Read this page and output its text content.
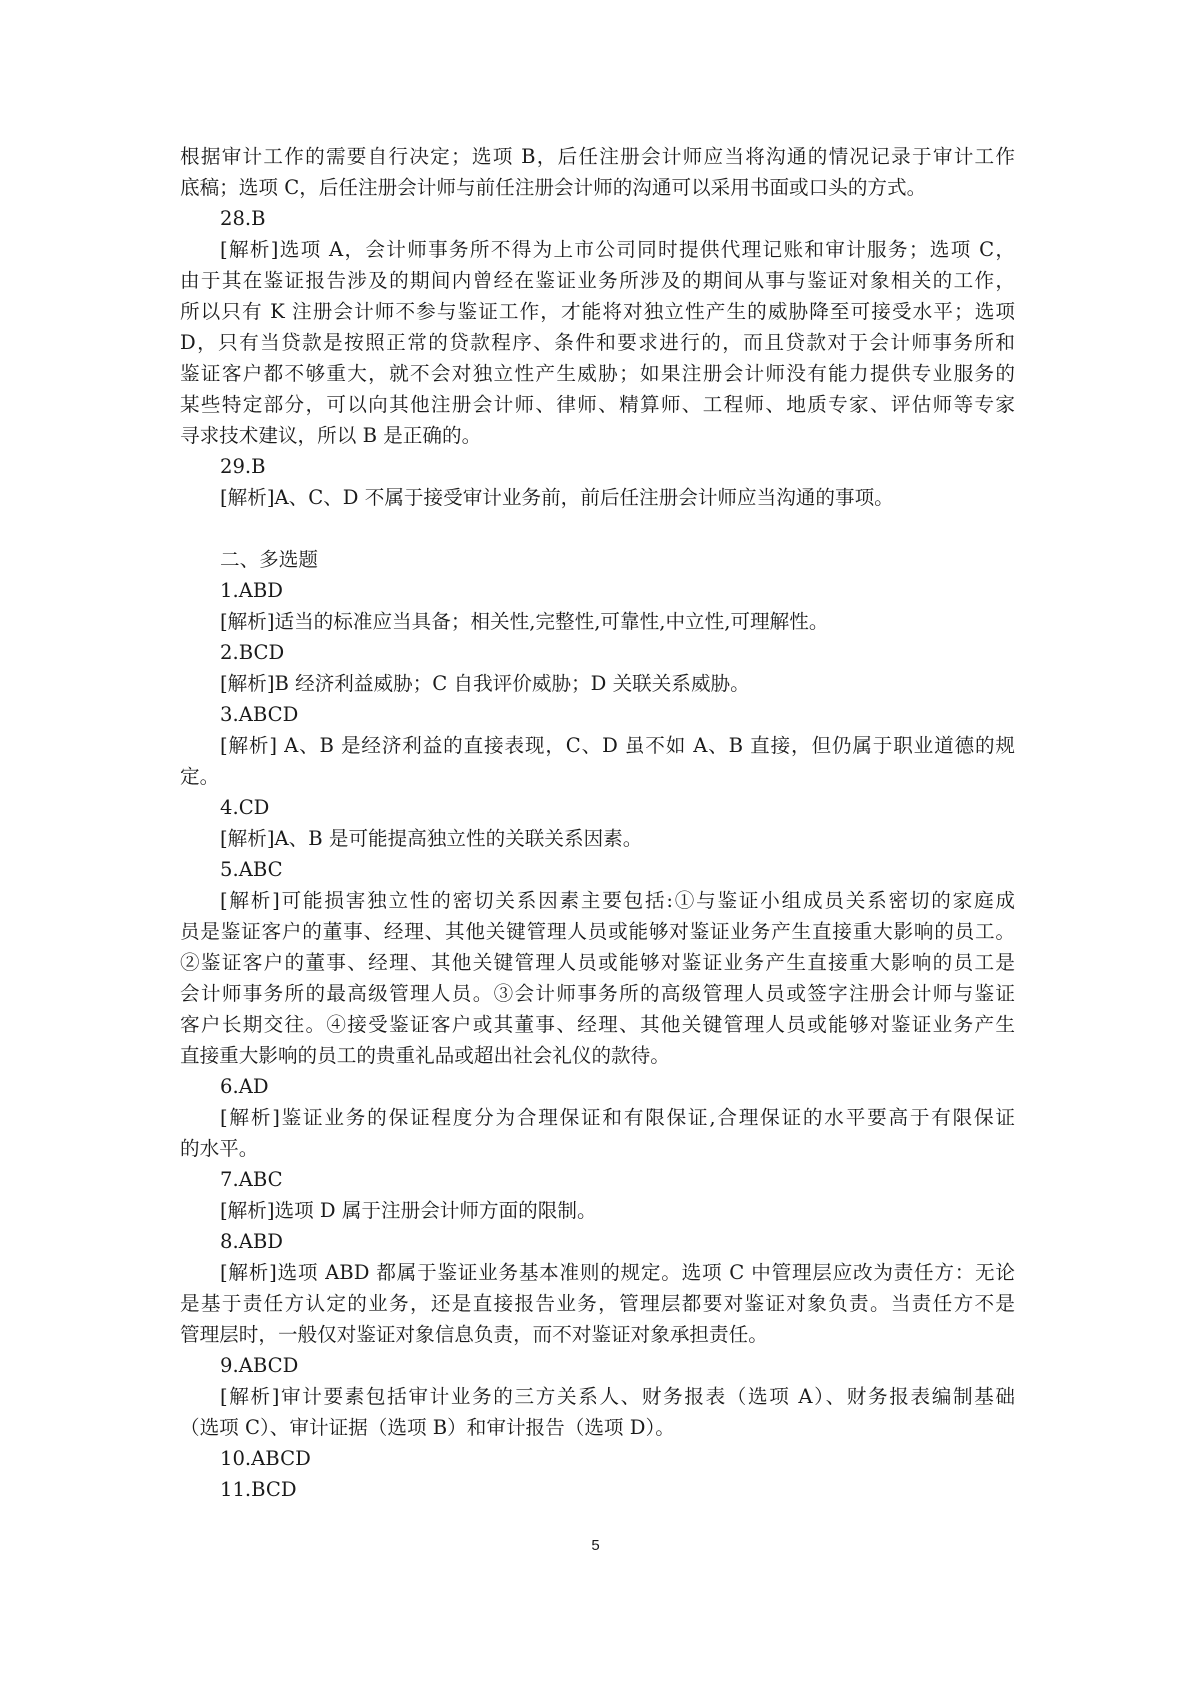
根据审计工作的需要自行决定；选项 B，后任注册会计师应当将沟通的情况记录于审计工作
底稿；选项 C，后任注册会计师与前任注册会计师的沟通可以采用书面或口头的方式。
28.B
[解析]选项 A，会计师事务所不得为上市公司同时提供代理记账和审计服务；选项 C，
由于其在鉴证报告涉及的期间内曾经在鉴证业务所涉及的期间从事与鉴证对象相关的工作，
所以只有 K 注册会计师不参与鉴证工作，才能将对独立性产生的威胁降至可接受水平；选项
D，只有当贷款是按照正常的贷款程序、条件和要求进行的，而且贷款对于会计师事务所和
鉴证客户都不够重大，就不会对独立性产生威胁；如果注册会计师没有能力提供专业服务的
某些特定部分，可以向其他注册会计师、律师、精算师、工程师、地质专家、评估师等专家
寻求技术建议，所以 B 是正确的。
29.B
[解析]A、C、D 不属于接受审计业务前，前后任注册会计师应当沟通的事项。
二、多选题
1.ABD
[解析]适当的标准应当具备；相关性,完整性,可靠性,中立性,可理解性。
2.BCD
[解析]B 经济利益威胁；C 自我评价威胁；D 关联关系威胁。
3.ABCD
[解析] A、B 是经济利益的直接表现，C、D 虽不如 A、B 直接，但仍属于职业道德的规
定。
4.CD
[解析]A、B 是可能提高独立性的关联关系因素。
5.ABC
[解析]可能损害独立性的密切关系因素主要包括:①与鉴证小组成员关系密切的家庭成
员是鉴证客户的董事、经理、其他关键管理人员或能够对鉴证业务产生直接重大影响的员工。
②鉴证客户的董事、经理、其他关键管理人员或能够对鉴证业务产生直接重大影响的员工是
会计师事务所的最高级管理人员。③会计师事务所的高级管理人员或签字注册会计师与鉴证
客户长期交往。④接受鉴证客户或其董事、经理、其他关键管理人员或能够对鉴证业务产生
直接重大影响的员工的贵重礼品或超出社会礼仪的款待。
6.AD
[解析]鉴证业务的保证程度分为合理保证和有限保证,合理保证的水平要高于有限保证
的水平。
7.ABC
[解析]选项 D 属于注册会计师方面的限制。
8.ABD
[解析]选项 ABD 都属于鉴证业务基本准则的规定。选项 C 中管理层应改为责任方：无论
是基于责任方认定的业务，还是直接报告业务，管理层都要对鉴证对象负责。当责任方不是
管理层时，一般仅对鉴证对象信息负责，而不对鉴证对象承担责任。
9.ABCD
[解析]审计要素包括审计业务的三方关系人、财务报表（选项 A）、财务报表编制基础
（选项 C）、审计证据（选项 B）和审计报告（选项 D）。
10.ABCD
11.BCD
5
